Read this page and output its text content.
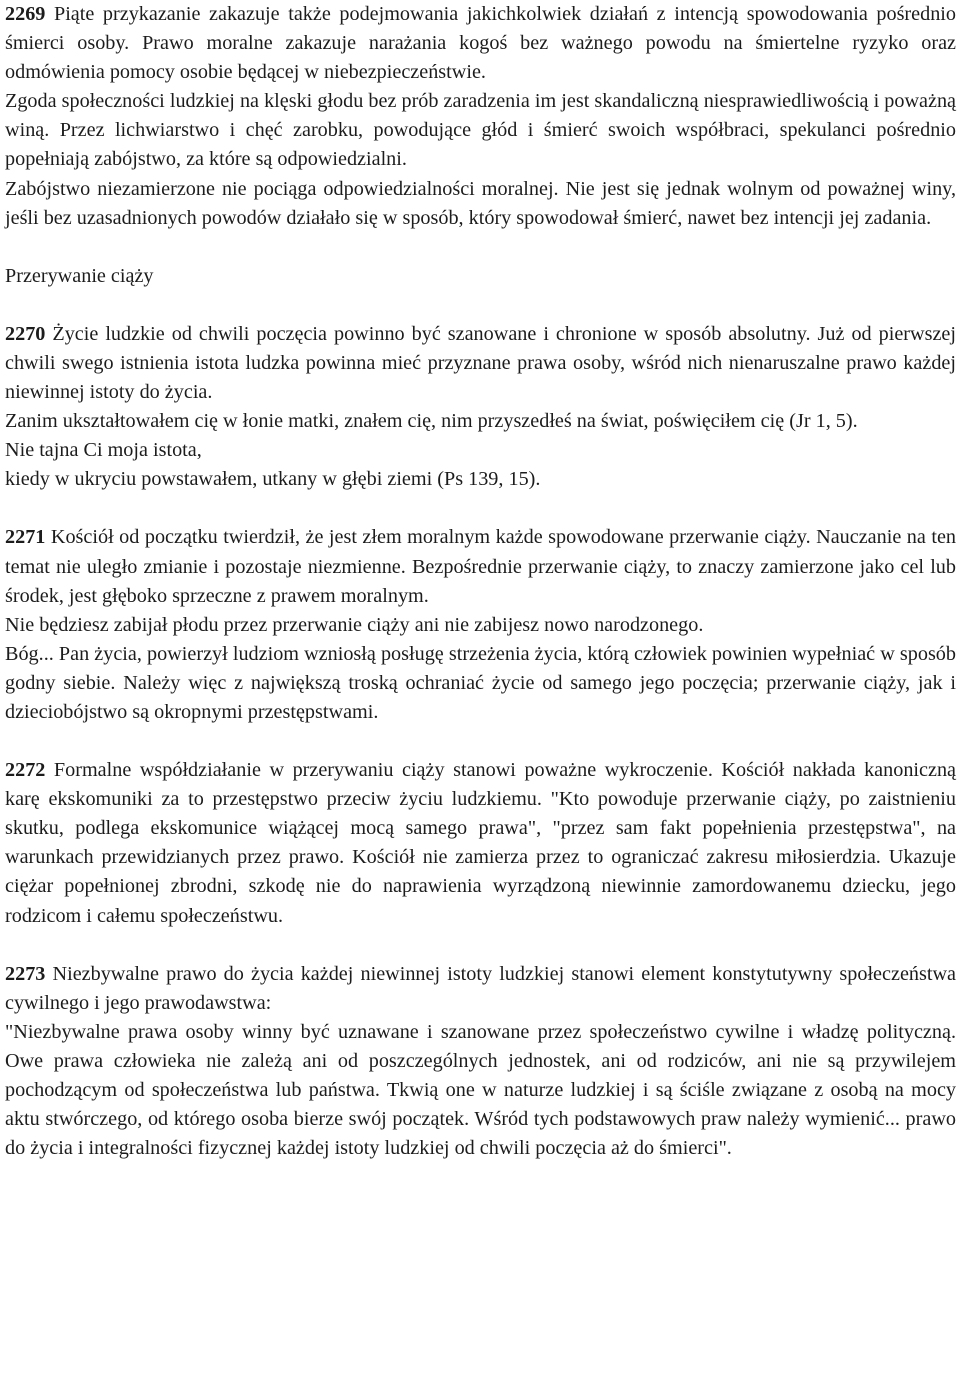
2269 Piąte przykazanie zakazuje także podejmowania jakichkolwiek działań z intencją spowodowania pośrednio śmierci osoby. Prawo moralne zakazuje narażania kogoś bez ważnego powodu na śmiertelne ryzyko oraz odmówienia pomocy osobie będącej w niebezpieczeństwie.

Zgoda społeczności ludzkiej na klęski głodu bez prób zaradzenia im jest skandaliczną niesprawiedliwością i poważną winą. Przez lichwiarstwo i chęć zarobku, powodujące głód i śmierć swoich współbraci, spekulanci pośrednio popełniają zabójstwo, za które są odpowiedzialni.

Zabójstwo niezamierzone nie pociąga odpowiedzialności moralnej. Nie jest się jednak wolnym od poważnej winy, jeśli bez uzasadnionych powodów działało się w sposób, który spowodował śmierć, nawet bez intencji jej zadania.

Przerywanie ciąży

2270 Życie ludzkie od chwili poczęcia powinno być szanowane i chronione w sposób absolutny. Już od pierwszej chwili swego istnienia istota ludzka powinna mieć przyznane prawa osoby, wśród nich nienaruszalne prawo każdej niewinnej istoty do życia.

Zanim ukształtowałem cię w łonie matki, znałem cię, nim przyszedłeś na świat, poświęciłem cię (Jr 1, 5).

Nie tajna Ci moja istota,

kiedy w ukryciu powstawałem, utkany w głębi ziemi (Ps 139, 15).

2271 Kościół od początku twierdził, że jest złem moralnym każde spowodowane przerwanie ciąży. Nauczanie na ten temat nie uległo zmianie i pozostaje niezmienne. Bezpośrednie przerwanie ciąży, to znaczy zamierzone jako cel lub środek, jest głęboko sprzeczne z prawem moralnym.

Nie będziesz zabijał płodu przez przerwanie ciąży ani nie zabijesz nowo narodzonego.

Bóg... Pan życia, powierzył ludziom wzniosłą posługę strzeżenia życia, którą człowiek powinien wypełniać w sposób godny siebie. Należy więc z największą troską ochraniać życie od samego jego poczęcia; przerwanie ciąży, jak i dzieciobójstwo są okropnymi przestępstwami.

2272 Formalne współdziałanie w przerywaniu ciąży stanowi poważne wykroczenie. Kościół nakłada kanoniczną karę ekskomuniki za to przestępstwo przeciw życiu ludzkiemu. "Kto powoduje przerwanie ciąży, po zaistnieniu skutku, podlega ekskomunice wiążącej mocą samego prawa", "przez sam fakt popełnienia przestępstwa", na warunkach przewidzianych przez prawo. Kościół nie zamierza przez to ograniczać zakresu miłosierdzia. Ukazuje ciężar popełnionej zbrodni, szkodę nie do naprawienia wyrządzoną niewinnie zamordowanemu dziecku, jego rodzicom i całemu społeczeństwu.

2273 Niezbywalne prawo do życia każdej niewinnej istoty ludzkiej stanowi element konstytutywny społeczeństwa cywilnego i jego prawodawstwa:

"Niezbywalne prawa osoby winny być uznawane i szanowane przez społeczeństwo cywilne i władzę polityczną. Owe prawa człowieka nie zależą ani od poszczególnych jednostek, ani od rodziców, ani nie są przywilejem pochodzącym od społeczeństwa lub państwa. Tkwią one w naturze ludzkiej i są ściśle związane z osobą na mocy aktu stwórczego, od którego osoba bierze swój początek. Wśród tych podstawowych praw należy wymienić... prawo do życia i integralności fizycznej każdej istoty ludzkiej od chwili poczęcia aż do śmierci".
